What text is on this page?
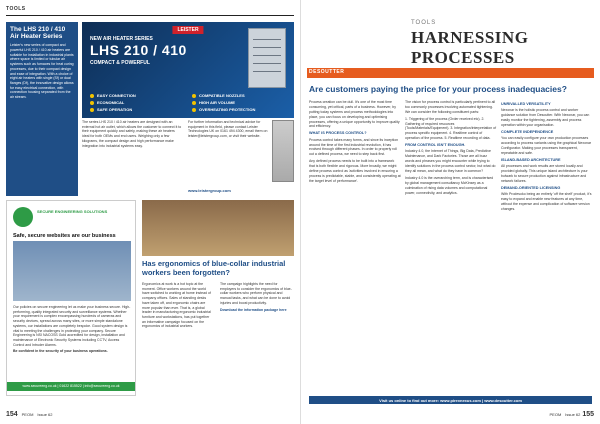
TOOLS
The LHS 210 / 410 Air Heater Series
Leister's new series of compact and powerful LHS 210 / 410 air heaters are suitable for installation in industrial plants where space is limited or tubular air systems such as furnaces for heat curing processes, due to their compact design and ease of integration. With a choice of eight air heaters with single (Sf) or dual flanges (Df), the innovative design allows for easy electrical connection, with connection housing separated from the air stream.
LEISTER
NEW AIR HEATER SERIES
LHS 210 / 410
COMPACT & POWERFUL
EASY CONNECTION	COMPATIBLE NOZZLES
ECONOMICAL	HIGH AIR VOLUME
SAFE OPERATION	OVERHEATING PROTECTION
The series LHS 210 / 410 air heaters are designed with an external hot air outlet, which allows the customer to connect it to their equipment quickly and safely, making these air heaters ideal for both OEMs and end users. Weighing only a few kilograms, the compact design and high performance make integration into industrial systems easy.
For further information and technical advice for equipment in this field, please contact Leister Technologies UK on 0161 494 4300, email them on leister@leistergroup.com, or visit their website.
www.leistergroup.com
SECURE ENGINEERING SOLUTIONS
Safe, secure websites are our business
Our policies on secure engineering let us make your business secure. High-performing, quality integrated security and surveillance systems. Whether your requirement is complex encompassing hundreds of cameras and security devices, spread across many sites, or more simple standalone systems, our installations are completely bespoke. Good system design is vital to meeting the challenges in protecting your company. Secure Engineering is NSI NACOSS Gold accredited for design, installation and maintenance of Electronic Security Systems including CCTV, Access Control and Intruder Alarms.
Be confident in the security of your business operations.
www.secureeng.co.uk | 01622 815522 | info@secureeng.co.uk
Has ergonomics of blue-collar industrial workers been forgotten?
Ergonomics at work is a hot topic at the moment. Office workers around the world have switched to working at home instead of company offices. Sales of standing desks have taken off, and ergonomic chairs are more popular than ever. That is, a global leader in manufacturing ergonomic industrial furniture and workstations, has put together an informative campaign focused on the ergonomics of industrial workers.
The campaign highlights the need for employers to consider the ergonomics of blue-collar workers who perform physical and manual tasks, and what can be done to avoid injuries and boost productivity.
Download the information package here
154 PEOM Issue 62
TOOLS
HARNESSING PROCESSES
DESOUTTER
Are customers paying the price for your process inadequacies?

Process creation can be dull. It's one of the most time consuming, yet critical, parts of a business. However, by putting today systems and process methodologies into place, you can focus on developing and optimising processes, offering a unique opportunity to improve quality and efficiency.

WHAT IS PROCESS CONTROL?

Process control takes many forms, and since its inception around the time of the first industrial revolution, it has evolved through different phases. In order to properly roll out a defined process, we need to step back first.

Any defined process needs to be built into a framework that is both flexible and rigorous. More broadly, we might define process control as 'activities involved in ensuring a process is predictable, stable, and consistently operating at the target level of performance'.

The vision for process control is particularly pertinent to all too commonly processes involving automated tightening. We can consider the following constituent parts:

1. Triggering of the process (Order received etc). 2. Gathering of required resources (Tools/Materials/Equipment). 3. Integration/interpretation of process specific equipment. 4. Realtime control of operation of the process. 5. Realtime recording of data.

FROM CONTROL ISN'T ENOUGH.

Industry 4.0, the Internet of Things, Big Data, Predictive Maintenance, and Dark Factories. Those are all buzz words and phrases you might encounter while trying to identify solutions in the process control sector, but what do they all mean, and what do they have in common?

Industry 4.0 is the overarching term, and is characterised by global management consultancy McKinsey as a culmination of rising data volumes and computational power, connectivity, and analytics.

UNRIVALLED VERSATILITY

Nexonar is the holistic process control and worker guidance solution from Desoutter. With Nexonar, you can easily monitor the tightening, assembly and process operation within your organisation.

COMPLETE INDEPENDENCE

You can easily configure your own production processes according to process variants using the graphical Nexonar Configurator. Making your processes transparent, repeatable and safe.

ISLAND-BASED ARCHITECTURE

All processes and work results are stored locally and provided globally. This unique island architecture is your bulwark to secure production against infrastructure and network failures.

DEMAND-ORIENTED LICENSING

With Prodesoko being an entirely 'off the shelf' product, it's easy to expand and enable new features at any time, without the expense and complication of software version changes.

Visit us online to find out more: www.pirexnexus.com | www.desoutter.com
PEOM Issue 62 155
